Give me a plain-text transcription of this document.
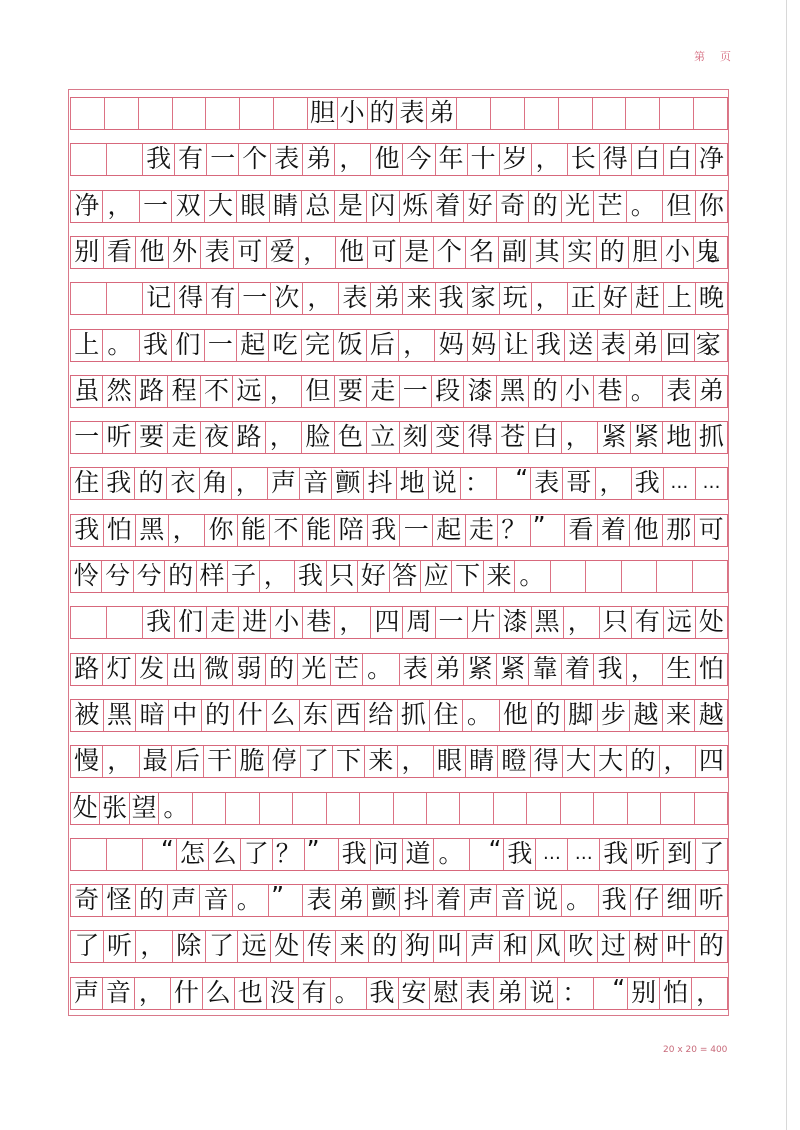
第 页
胆 小 的 表 弟
我 有 一 个 表 弟 ， 他 今 年 十 岁 ， 长 得 白 白 净
净 ， 一 双 大 眼 睛 总 是 闪 烁 着 好 奇 的 光 芒 。 但 你
别 看 他 外 表 可 爱 ， 他 可 是 个 名 副 其 实 的 胆 小 鬼。
记 得 有 一 次 ， 表 弟 来 我 家 玩 ， 正 好 赶 上 晚
上 。 我 们 一 起 吃 完 饭 后 ， 妈 妈 让 我 送 表 弟 回 家。
虽 然 路 程 不 远 ， 但 要 走 一 段 漆 黑 的 小 巷 。 表 弟
一 听 要 走 夜 路 ， 脸 色 立 刻 变 得 苍 白 ， 紧 紧 地 抓
住 我 的 衣 角 ， 声 音 颤 抖 地 说 ：	“ 表 哥 ， 我 … …
我 怕 黑 ， 你 能 不 能 陪 我 一 起 走 ？ ” 看 着 他 那 可
怜 兮 兮 的 样 子 ， 我 只 好 答 应 下 来 。
我 们 走 进 小 巷 ， 四 周 一 片 漆 黑 ， 只 有 远 处
路 灯 发 出 微 弱 的 光 芒 。 表 弟 紧 紧 靠 着 我 ， 生 怕
被 黑 暗 中 的 什 么 东 西 给 抓 住 。 他 的 脚 步 越 来 越
慢 ， 最 后 干 脆 停 了 下 来 ， 眼 睛 瞪 得 大 大 的 ， 四
处 张 望 。
“ 怎 么 了 ？ ” 我 问 道 。 “ 我 … … 我 听 到 了
奇 怪 的 声 音 。 ” 表 弟 颤 抖 着 声 音 说 。 我 仔 细 听
了 听 ， 除 了 远 处 传 来 的 狗 叫 声 和 风 吹 过 树 叶 的
声 音 ， 什 么 也 没 有 。 我 安 慰 表 弟 说 ： “ 别 怕 ，
20 x 20 = 400
